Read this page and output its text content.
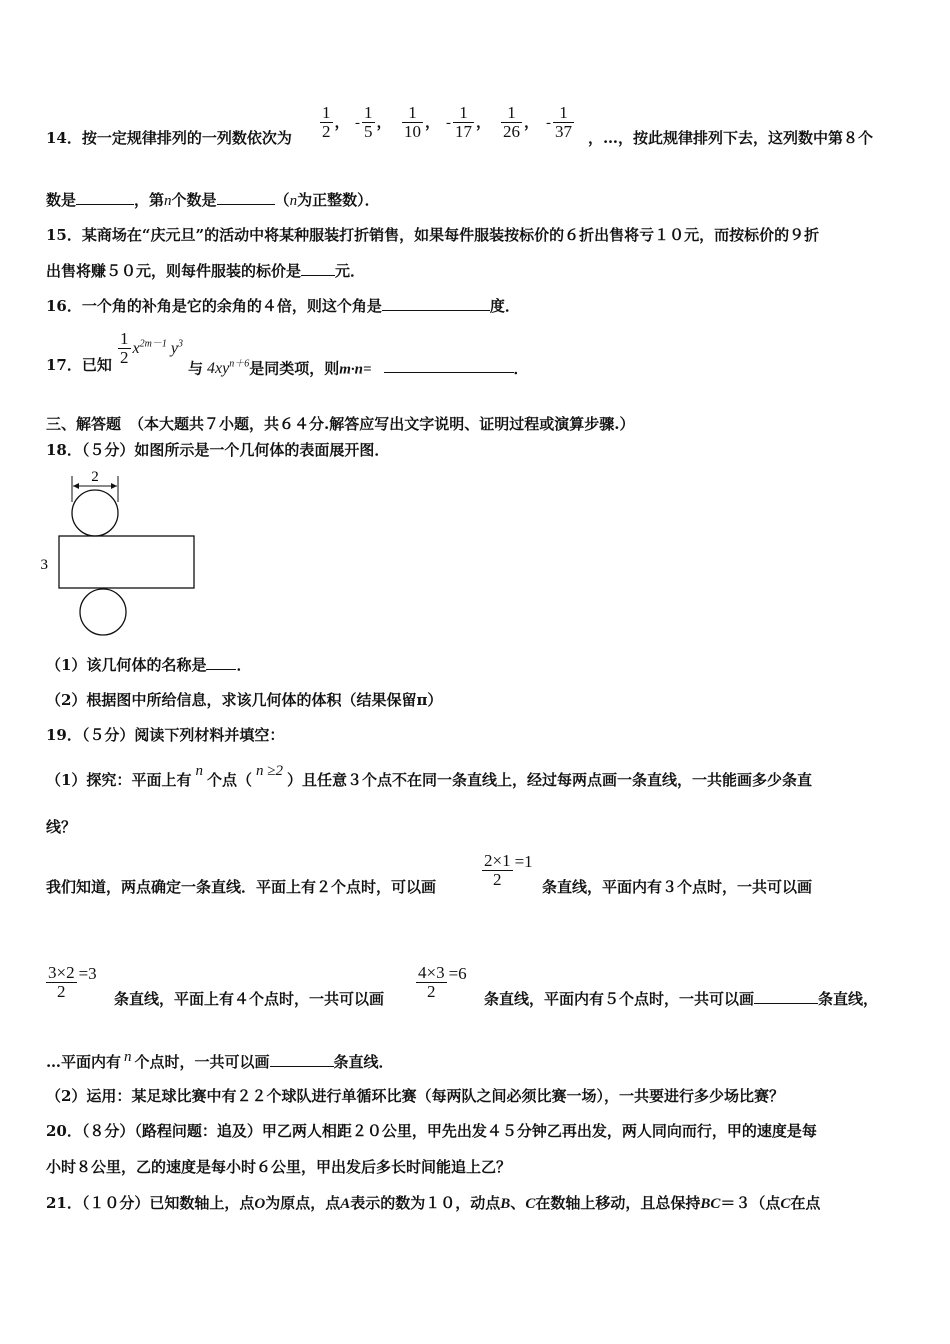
14．按一定规律排列的一列数依次为 $\frac{1}{2}$ ， - $\frac{1}{5}$ ， $\frac{1}{10}$ ， - $\frac{1}{17}$ ， $\frac{1}{26}$ ， - $\frac{1}{37}$ ，…，按此规律排列下去，这列数中第８个
数是	，第n个数是	（n为正整数）．
15．某商场在“庆元旦”的活动中将某种服装打折销售，如果每件服装按标价的６折出售将亏１０元，而按标价的９折
出售将赚５０元，则每件服装的标价是 元．
16．一个角的补角是它的余角的４倍，则这个角是	度．
17．已知 $\frac{1}{2} x^{2m-1}$ $y^3$
与 $4xy^{n+6}$是同类项，则m·n=	．
三、解答题 （本大题共７小题，共６４分.解答应写出文字说明、证明过程或演算步骤.）
18．（５分）如图所示是一个几何体的表面展开图．
2
3
（1）该几何体的名称是 ．
（2）根据图中所给信息，求该几何体的体积（结果保留π）
19．（５分）阅读下列材料并填空：
（1）探究：平面上有 n 个点（ n ≥2 ）且任意３个点不在同一条直线上，经过每两点画一条直线，一共能画多少条直
线？
我们知道，两点确定一条直线．平面上有２个点时，可以画	$\frac{2\times 1}{2} =1$
条直线，平面内有３个点时，一共可以画
$\frac{3\times 2}{2} =3$
条直线，平面上有４个点时，一共可以画 $\frac{4\times 3}{2} =6$
条直线，平面内有５个点时，一共可以画	条直线，
…平面内有 n 个点时，一共可以画	条直线．
（2）运用：某足球比赛中有２２个球队进行单循环比赛（每两队之间必须比赛一场），一共要进行多少场比赛？
20．（８分）（路程问题：追及）甲乙两人相距２０公里，甲先出发４５分钟乙再出发，两人同向而行，甲的速度是每
小时８公里，乙的速度是每小时６公里，甲出发后多长时间能追上乙？
21．（１０分）已知数轴上，点O为原点，点A表示的数为１０，动点B、C在数轴上移动，且总保持BC＝３（点C在点
